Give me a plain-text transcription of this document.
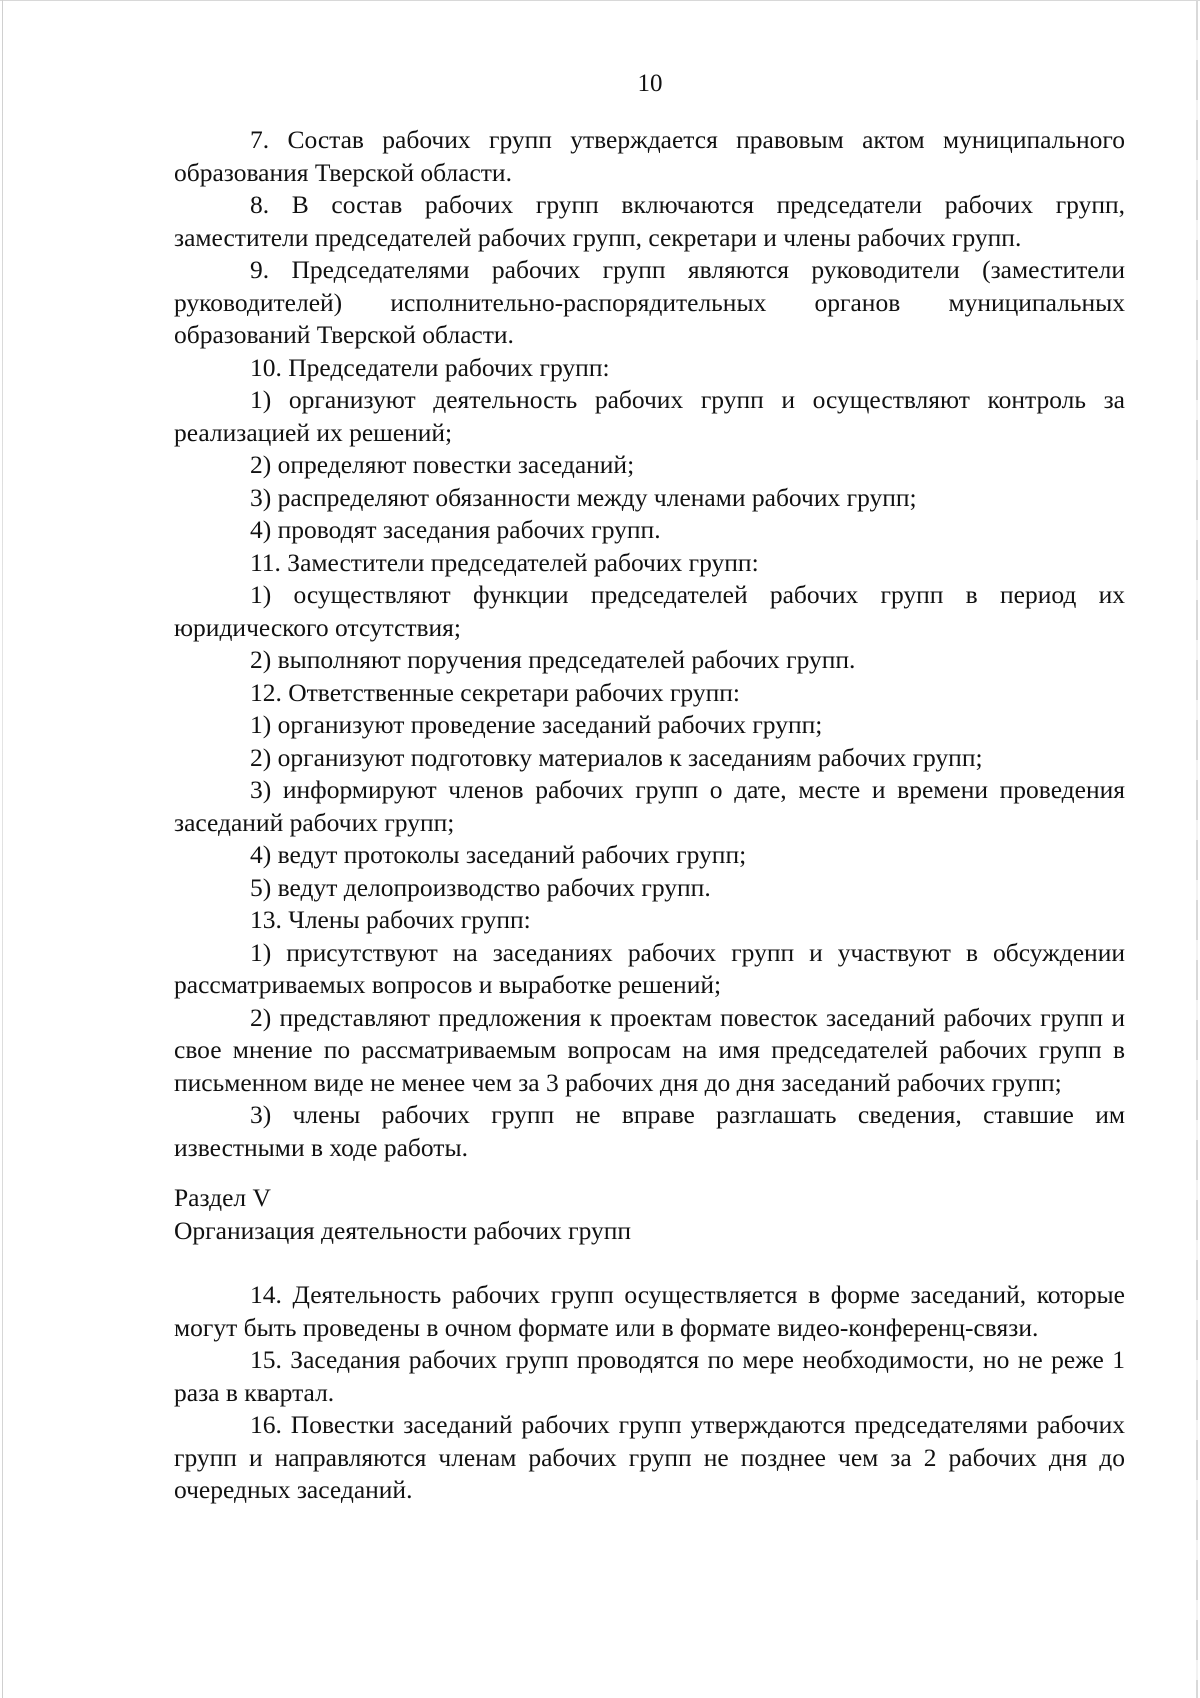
10

7. Состав рабочих групп утверждается правовым актом муниципального образования Тверской области.

8. В состав рабочих групп включаются председатели рабочих групп, заместители председателей рабочих групп, секретари и члены рабочих групп.

9. Председателями рабочих групп являются руководители (заместители руководителей) исполнительно-распорядительных органов муниципальных образований Тверской области.

10. Председатели рабочих групп:

1) организуют деятельность рабочих групп и осуществляют контроль за реализацией их решений;

2) определяют повестки заседаний;

3) распределяют обязанности между членами рабочих групп;

4) проводят заседания рабочих групп.

11. Заместители председателей рабочих групп:

1) осуществляют функции председателей рабочих групп в период их юридического отсутствия;

2) выполняют поручения председателей рабочих групп.

12. Ответственные секретари рабочих групп:

1) организуют проведение заседаний рабочих групп;

2) организуют подготовку материалов к заседаниям рабочих групп;

3) информируют членов рабочих групп о дате, месте и времени проведения заседаний рабочих групп;

4) ведут протоколы заседаний рабочих групп;

5) ведут делопроизводство рабочих групп.

13. Члены рабочих групп:

1) присутствуют на заседаниях рабочих групп и участвуют в обсуждении рассматриваемых вопросов и выработке решений;

2) представляют предложения к проектам повесток заседаний рабочих групп и свое мнение по рассматриваемым вопросам на имя председателей рабочих групп в письменном виде не менее чем за 3 рабочих дня до дня заседаний рабочих групп;

3) члены рабочих групп не вправе разглашать сведения, ставшие им известными в ходе работы.

Раздел V

Организация деятельности рабочих групп

14. Деятельность рабочих групп осуществляется в форме заседаний, которые могут быть проведены в очном формате или в формате видео-конференц-связи.

15. Заседания рабочих групп проводятся по мере необходимости, но не реже 1 раза в квартал.

16. Повестки заседаний рабочих групп утверждаются председателями рабочих групп и направляются членам рабочих групп не позднее чем за 2 рабочих дня до очередных заседаний.
